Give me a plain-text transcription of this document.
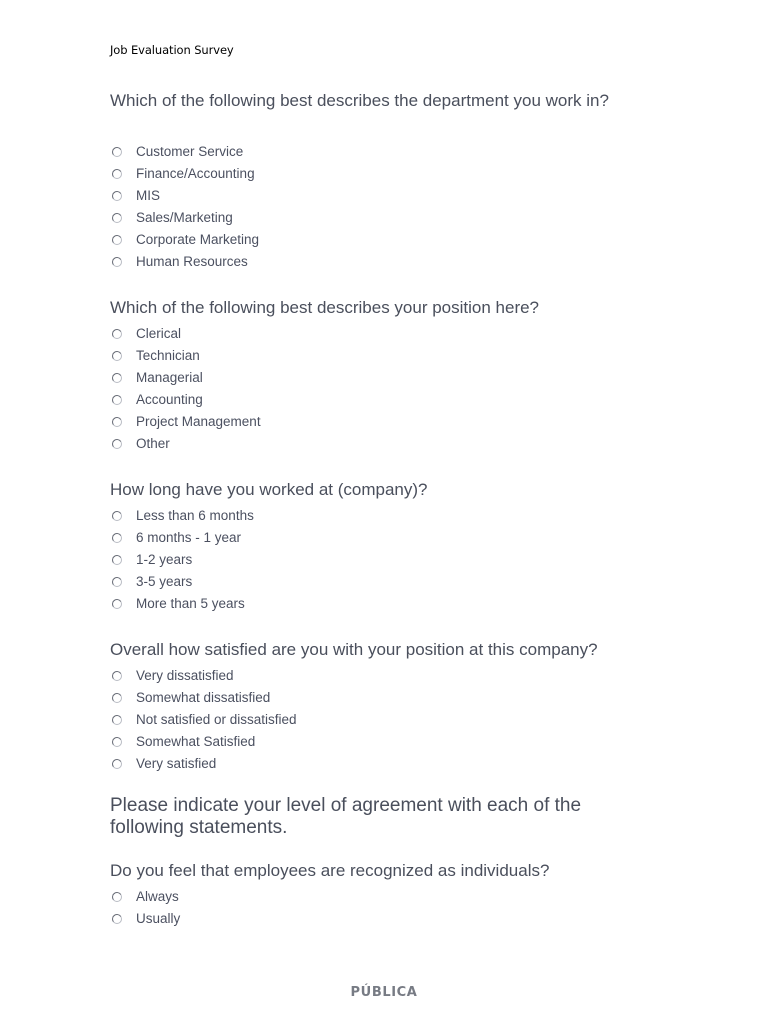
Job Evaluation Survey
Which of the following best describes the department you work in?
Customer Service
Finance/Accounting
MIS
Sales/Marketing
Corporate Marketing
Human Resources
Which of the following best describes your position here?
Clerical
Technician
Managerial
Accounting
Project Management
Other
How long have you worked at (company)?
Less than 6 months
6 months - 1 year
1-2 years
3-5 years
More than 5 years
Overall how satisfied are you with your position at this company?
Very dissatisfied
Somewhat dissatisfied
Not satisfied or dissatisfied
Somewhat Satisfied
Very satisfied
Please indicate your level of agreement with each of the following statements.
Do you feel that employees are recognized as individuals?
Always
Usually
PÚBLICA
